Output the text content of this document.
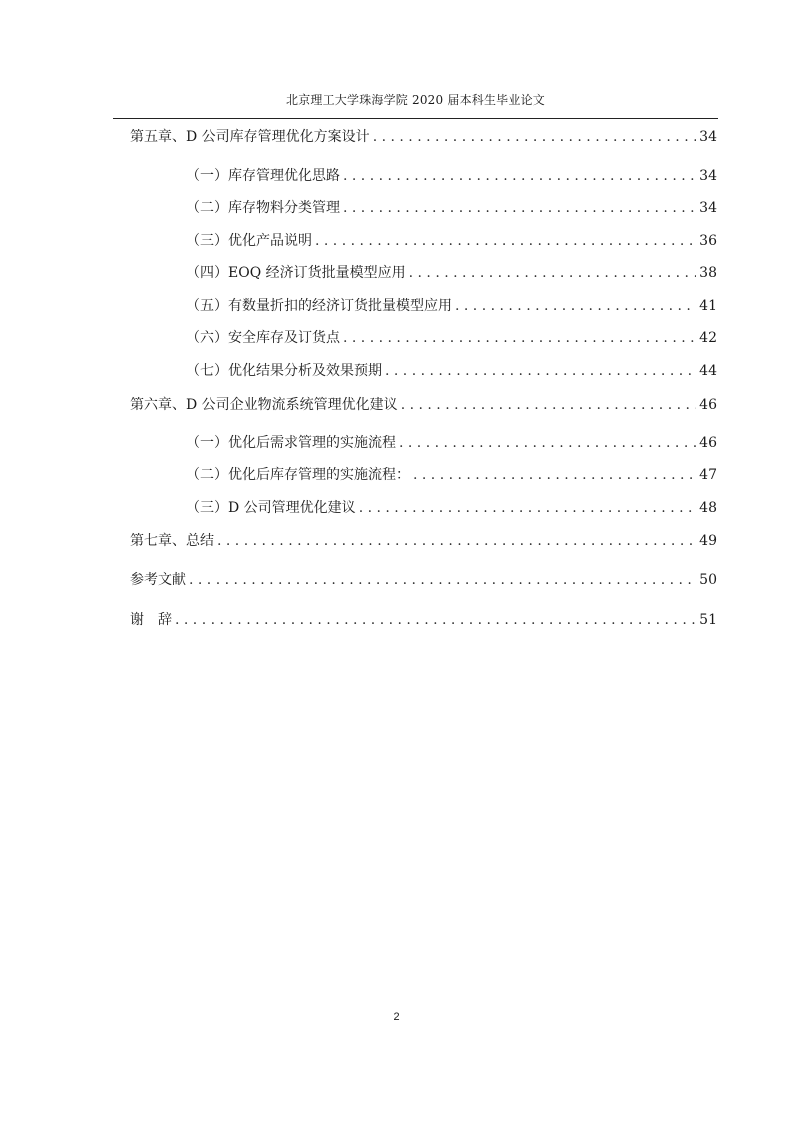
北京理工大学珠海学院 2020 届本科生毕业论文
第五章、D 公司库存管理优化方案设计 . . .	34
（一）库存管理优化思路 . . .	34
（二）库存物料分类管理 . . .	34
（三）优化产品说明 . . .	36
（四）EOQ 经济订货批量模型应用 . . .	38
（五）有数量折扣的经济订货批量模型应用 . . .	41
（六）安全库存及订货点 . . .	42
（七）优化结果分析及效果预期 . . .	44
第六章、D 公司企业物流系统管理优化建议 . . .	46
（一）优化后需求管理的实施流程 . . .	46
（二）优化后库存管理的实施流程： . . .	47
（三）D 公司管理优化建议 . . .	48
第七章、总结 . . .	49
参考文献 . . .	50
谢　辞 . . .	51
2
